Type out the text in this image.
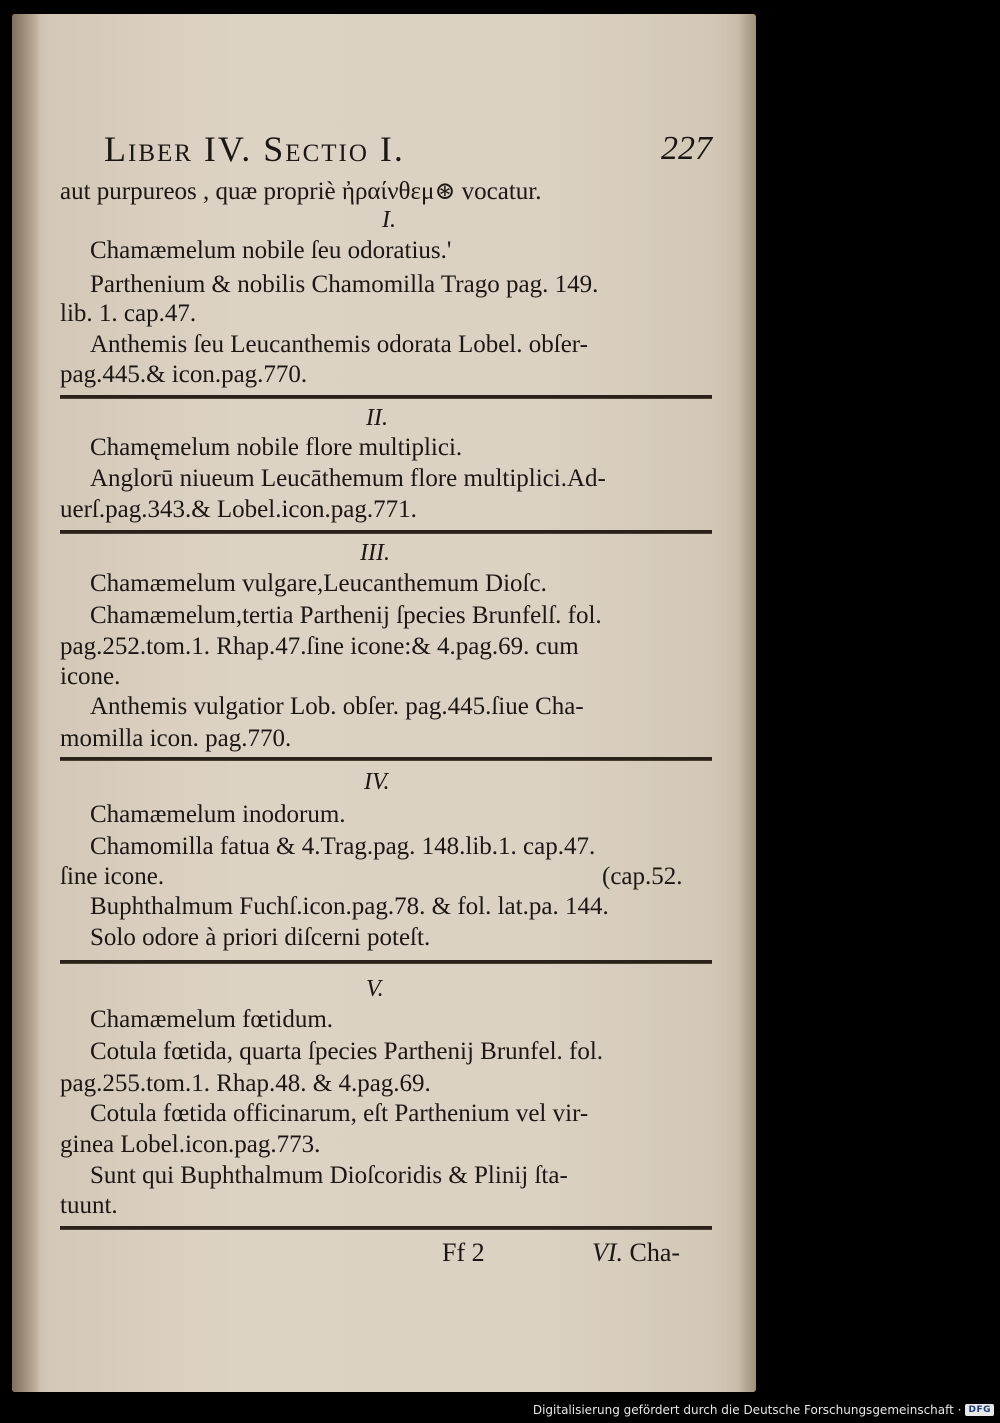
Liber IV. Sectio I.	227
aut purpureos , quæ propriè ἠραίνθεμ⊛ vocatur.
I.
Chamæmelum nobile ſeu odoratius.'
Parthenium & nobilis Chamomilla Trago pag. 149.
lib. 1. cap.47.
Anthemis ſeu Leucanthemis odorata Lobel. obſer-
pag.445.& icon.pag.770.
II.
Chamęmelum nobile flore multiplici.
Anglorū niueum Leucāthemum flore multiplici.Ad-
uerſ.pag.343.& Lobel.icon.pag.771.
III.
Chamæmelum vulgare,Leucanthemum Dioſc.
Chamæmelum,tertia Parthenij ſpecies Brunfelſ. fol.
pag.252.tom.1. Rhap.47.ſine icone:& 4.pag.69. cum
icone.
Anthemis vulgatior Lob. obſer. pag.445.ſiue Cha-
momilla icon. pag.770.
IV.
Chamæmelum inodorum.
Chamomilla fatua & 4.Trag.pag. 148.lib.1. cap.47.
ſine icone.	(cap.52.
Buphthalmum Fuchſ.icon.pag.78. & fol. lat.pa. 144.
Solo odore à priori diſcerni poteſt.
V.
Chamæmelum fœtidum.
Cotula fœtida, quarta ſpecies Parthenij Brunfel. fol.
pag.255.tom.1. Rhap.48. & 4.pag.69.
Cotula fœtida officinarum, eſt Parthenium vel vir-
ginea Lobel.icon.pag.773.
Sunt qui Buphthalmum Dioſcoridis & Plinij ſta-
tuunt.
Ff 2	VI. Cha-
Digitalisierung gefördert durch die Deutsche Forschungsgemeinschaft · DFG
